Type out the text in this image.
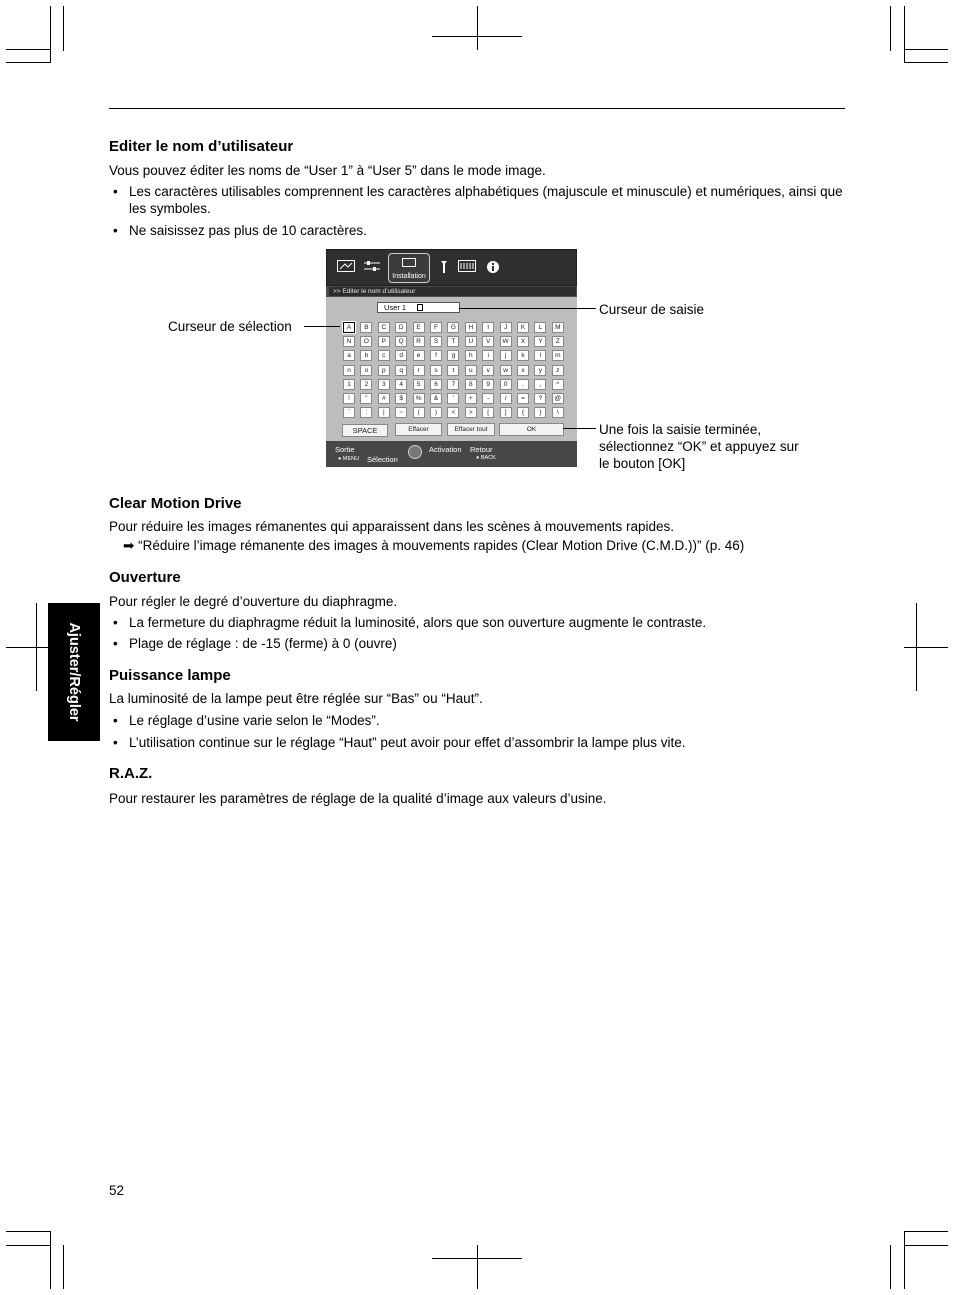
Ajuster/Régler
Editer le nom d’utilisateur
Vous pouvez éditer les noms de “User 1” à “User 5” dans le mode image.
• Les caractères utilisables comprennent les caractères alphabétiques (majuscule et minuscule) et numériques, ainsi que les symboles.
• Ne saisissez pas plus de 10 caractères.
Installation
>> Editer le nom d’utilisateur
User 1
A	B	C	D	E	F	G	H	I	J	K	L	M
N	O	P	Q	R	S	T	U	V	W	X	Y	Z
a	b	c	d	e	f	g	h	i	j	k	l	m
n	o	p	q	r	s	t	u	v	w	x	y	z
1	2	3	4	5	6	7	8	9	0	.	,	^
!	"	#	$	%	&	'	+	-	/	=	?	@
`	:	|	~	(	)	<	>	[	]	{	}	\
SPACE	Effacer	Effacer tout	OK
Sortie
● MENU Sélection
Activation Retour
● BACK
Curseur de sélection
Curseur de saisie
Une fois la saisie terminée,
sélectionnez “OK” et appuyez sur
le bouton [OK]
Clear Motion Drive
Pour réduire les images rémanentes qui apparaissent dans les scènes à mouvements rapides.
➡ “Réduire l’image rémanente des images à mouvements rapides (Clear Motion Drive (C.M.D.))” (p. 46)
Ouverture
Pour régler le degré d’ouverture du diaphragme.
• La fermeture du diaphragme réduit la luminosité, alors que son ouverture augmente le contraste.
• Plage de réglage : de -15 (ferme) à 0 (ouvre)
Puissance lampe
La luminosité de la lampe peut être réglée sur “Bas” ou “Haut”.
• Le réglage d’usine varie selon le “Modes”.
• L’utilisation continue sur le réglage “Haut” peut avoir pour effet d’assombrir la lampe plus vite.
R.A.Z.
Pour restaurer les paramètres de réglage de la qualité d’image aux valeurs d’usine.
52
